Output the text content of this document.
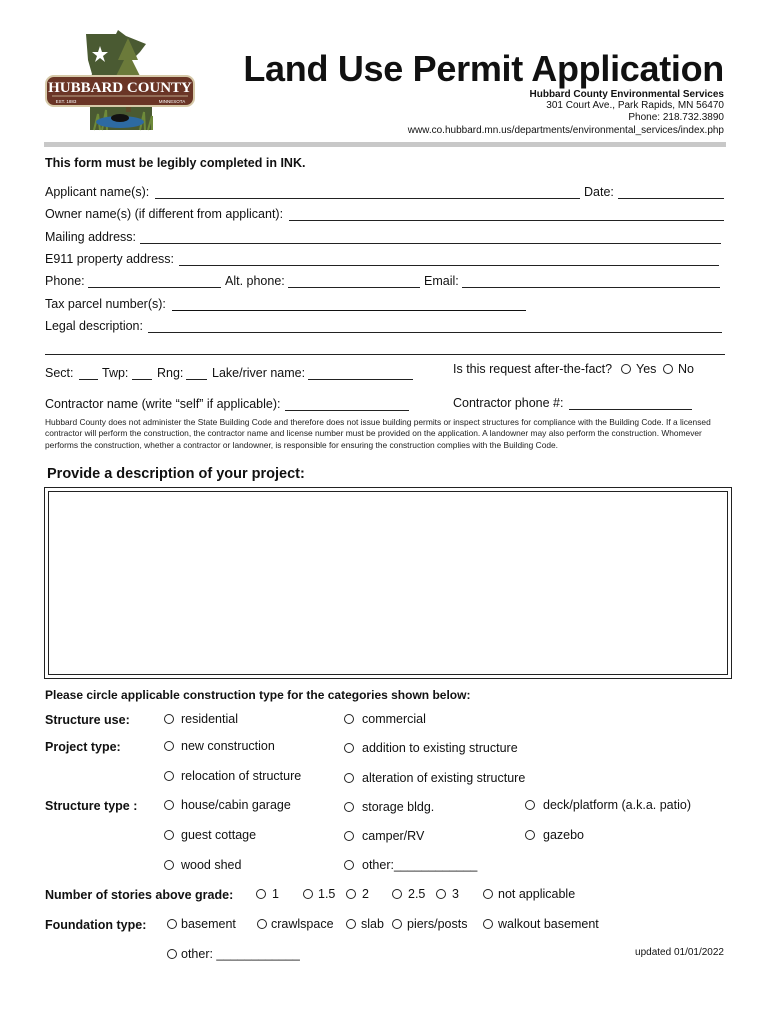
HUBBARD COUNTY
EST. 1883	MINNESOTA
Land Use Permit Application
Hubbard County Environmental Services
301 Court Ave., Park Rapids, MN 56470
Phone: 218.732.3890
www.co.hubbard.mn.us/departments/environmental_services/index.php
This form must be legibly completed in INK.
Applicant name(s):	Date:
Owner name(s) (if different from applicant):
Mailing address:
E911 property address:
Phone:	Alt. phone:	Email:
Tax parcel number(s):
Legal description:
Sect: Twp: Rng: Lake/river name:	Is this request after-the-fact? Yes No
Contractor name (write “self” if applicable):	Contractor phone #:
Hubbard County does not administer the State Building Code and therefore does not issue building permits or inspect structures for compliance with the Building Code. If a licensed contractor will perform the construction, the contractor name and license number must be provided on the application. A landowner may also perform the construction. Whomever performs the construction, whether a contractor or landowner, is responsible for ensuring the construction complies with the Building Code.
Provide a description of your project:
Please circle applicable construction type for the categories shown below:
Structure use:	residential	commercial
Project type:	new construction	addition to existing structure
relocation of structure	alteration of existing structure
Structure type :	house/cabin garage	storage bldg.	deck/platform (a.k.a. patio)
guest cottage	camper/RV	gazebo
wood shed	other:____________
Number of stories above grade:	1	1.5 2	2.5 3	not applicable
Foundation type:	basement	crawlspace slab piers/posts walkout basement
other: ____________	updated 01/01/2022
